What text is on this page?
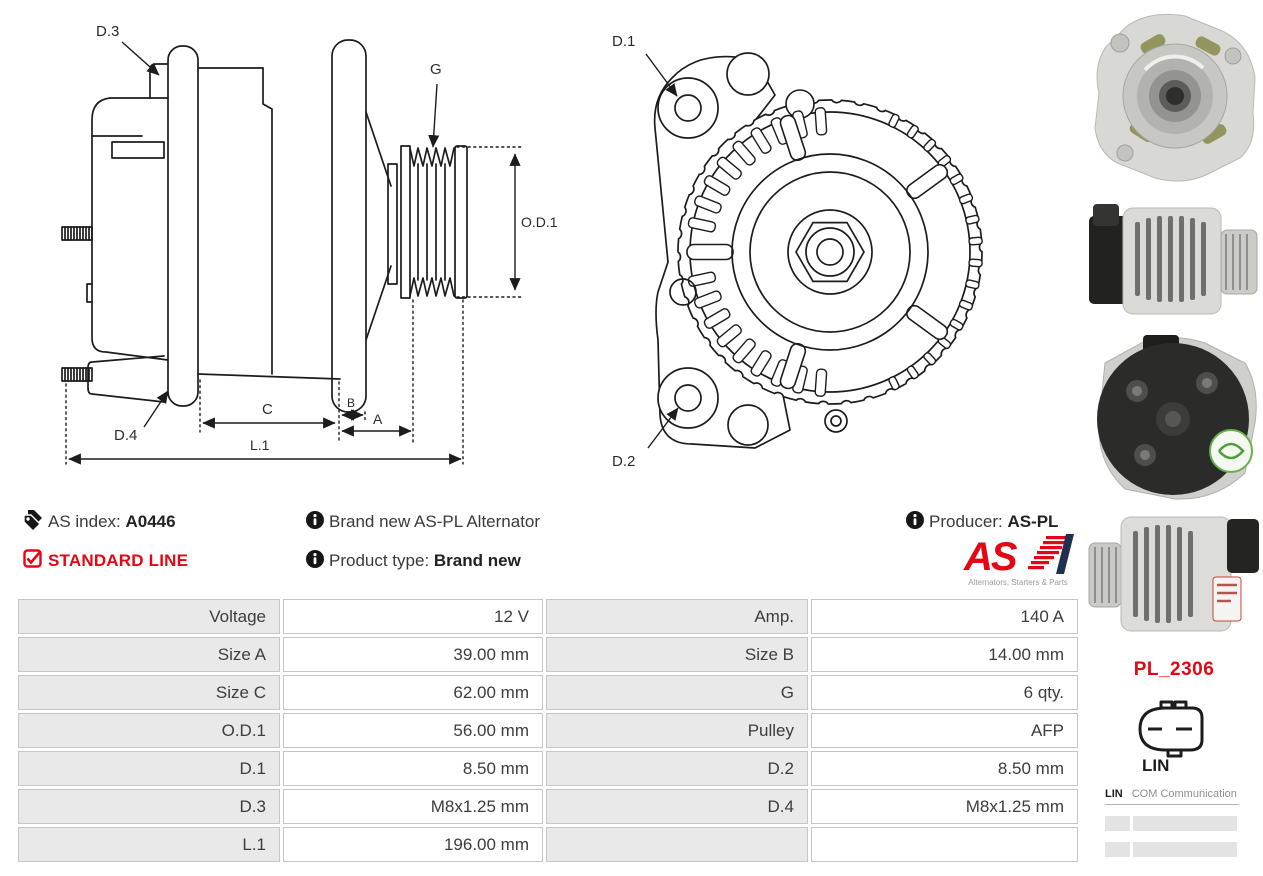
D.3
G
O.D.1
D.4
C	B
A
L.1
D.1
D.2
AS index: A0446
STANDARD LINE
Brand new AS-PL Alternator
Product type: Brand new
Producer: AS-PL
AS
Alternators, Starters & Parts
Voltage	12 V	Amp.	140 A
Size A	39.00 mm	Size B	14.00 mm
Size C	62.00 mm	G	6 qty.
O.D.1	56.00 mm	Pulley	AFP
D.1	8.50 mm	D.2	8.50 mm
D.3	M8x1.25 mm	D.4	M8x1.25 mm
L.1	196.00 mm
PL_2306
LIN
LIN COM Communication
